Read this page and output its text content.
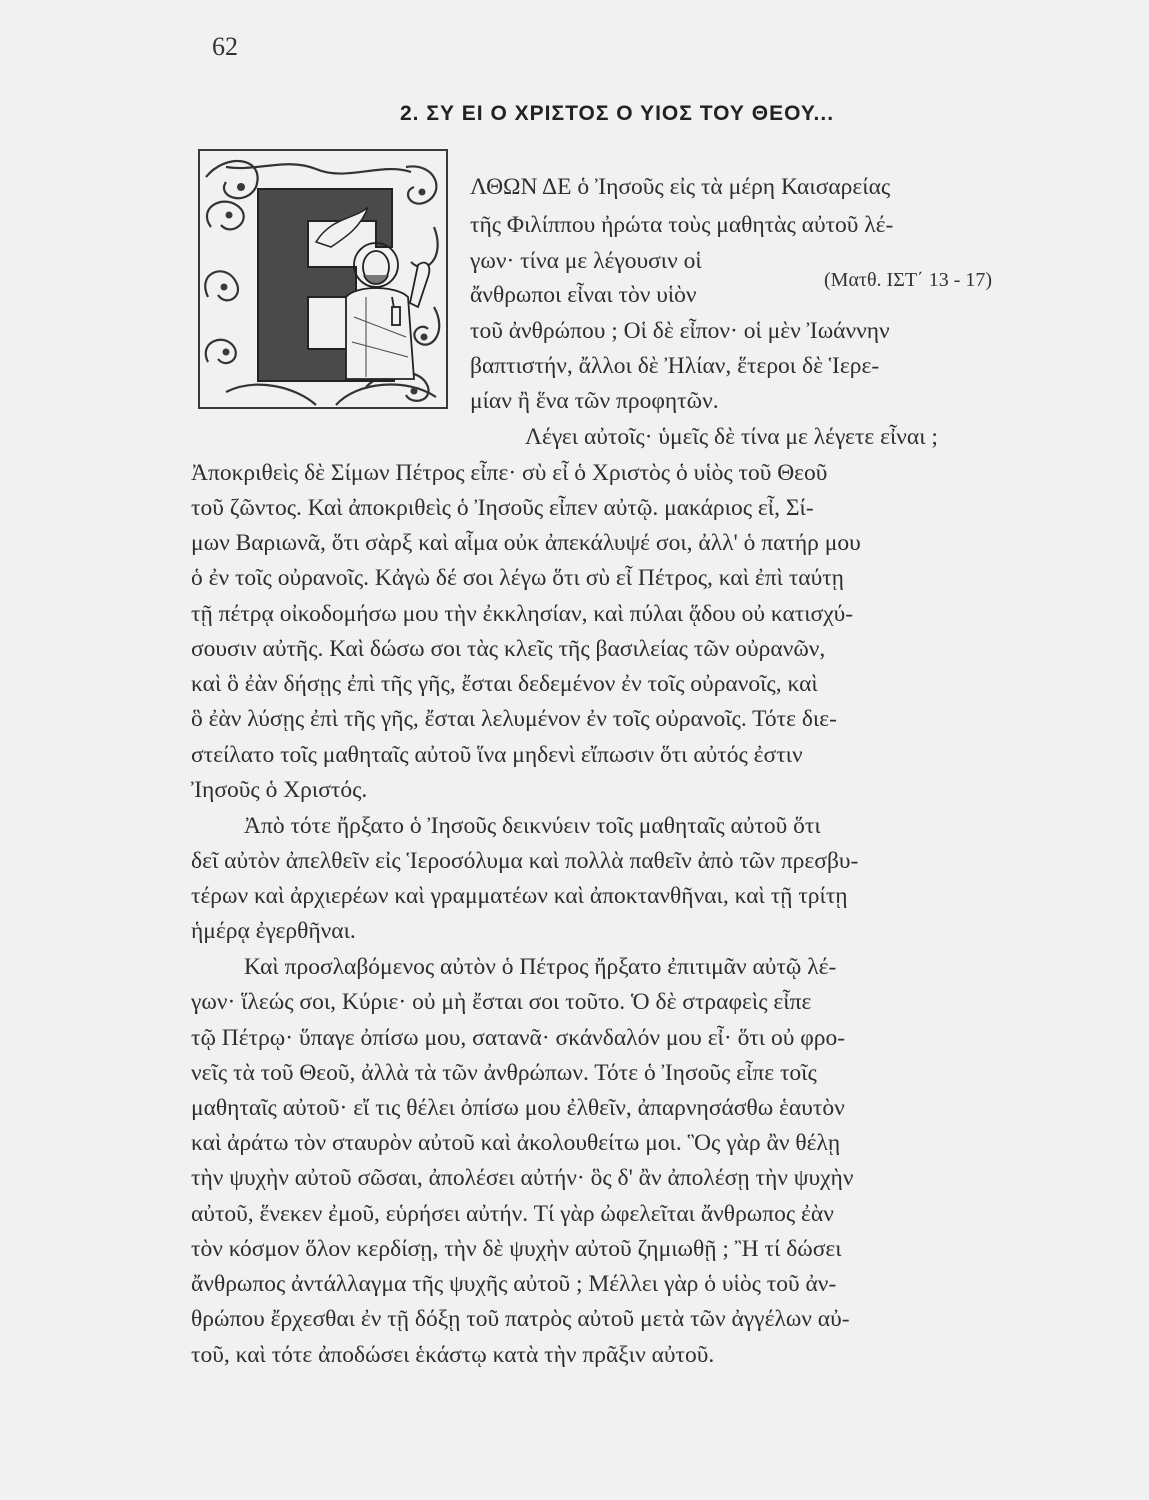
62
2. ΣΥ ΕΙ Ο ΧΡΙΣΤΟΣ Ο ΥΙΟΣ ΤΟΥ ΘΕΟΥ...
(Ματθ. ΙΣΤ΄ 13 - 17)
ΛΘΩΝ ΔΕ ὁ Ἰησοῦς εἰς τὰ μέρη Καισαρείας
τῆς Φιλίππου ἠρώτα τοὺς μαθητὰς αὐτοῦ λέ-
γων· τίνα με λέγουσιν οἱ
ἄνθρωποι εἶναι τὸν υἱὸν
τοῦ ἀνθρώπου ; Οἱ δὲ εἶπον· οἱ μὲν Ἰωάννην
βαπτιστήν, ἄλλοι δὲ Ἠλίαν, ἕτεροι δὲ Ἱερε-
μίαν ἢ ἕνα τῶν προφητῶν.
Λέγει αὐτοῖς· ὑμεῖς δὲ τίνα με λέγετε εἶναι ;
Ἀποκριθεὶς δὲ Σίμων Πέτρος εἶπε· σὺ εἶ ὁ Χριστὸς ὁ υἱὸς τοῦ Θεοῦ
τοῦ ζῶντος. Καὶ ἀποκριθεὶς ὁ Ἰησοῦς εἶπεν αὐτῷ. μακάριος εἶ, Σί-
μων Βαριωνᾶ, ὅτι σὰρξ καὶ αἷμα οὐκ ἀπεκάλυψέ σοι, ἀλλ' ὁ πατήρ μου
ὁ ἐν τοῖς οὐρανοῖς. Κἀγὼ δέ σοι λέγω ὅτι σὺ εἶ Πέτρος, καὶ ἐπὶ ταύτῃ
τῇ πέτρᾳ οἰκοδομήσω μου τὴν ἐκκλησίαν, καὶ πύλαι ᾅδου οὐ κατισχύ-
σουσιν αὐτῆς. Καὶ δώσω σοι τὰς κλεῖς τῆς βασιλείας τῶν οὐρανῶν,
καὶ ὃ ἐὰν δήσῃς ἐπὶ τῆς γῆς, ἔσται δεδεμένον ἐν τοῖς οὐρανοῖς, καὶ
ὃ ἐὰν λύσῃς ἐπὶ τῆς γῆς, ἔσται λελυμένον ἐν τοῖς οὐρανοῖς. Τότε διε-
στείλατο τοῖς μαθηταῖς αὐτοῦ ἵνα μηδενὶ εἴπωσιν ὅτι αὐτός ἐστιν
Ἰησοῦς ὁ Χριστός.
Ἀπὸ τότε ἤρξατο ὁ Ἰησοῦς δεικνύειν τοῖς μαθηταῖς αὐτοῦ ὅτι
δεῖ αὐτὸν ἀπελθεῖν εἰς Ἱεροσόλυμα καὶ πολλὰ παθεῖν ἀπὸ τῶν πρεσβυ-
τέρων καὶ ἀρχιερέων καὶ γραμματέων καὶ ἀποκτανθῆναι, καὶ τῇ τρίτῃ
ἡμέρᾳ ἐγερθῆναι.
Καὶ προσλαβόμενος αὐτὸν ὁ Πέτρος ἤρξατο ἐπιτιμᾶν αὐτῷ λέ-
γων· ἵλεώς σοι, Κύριε· οὐ μὴ ἔσται σοι τοῦτο. Ὁ δὲ στραφεὶς εἶπε
τῷ Πέτρῳ· ὕπαγε ὀπίσω μου, σατανᾶ· σκάνδαλόν μου εἶ· ὅτι οὐ φρο-
νεῖς τὰ τοῦ Θεοῦ, ἀλλὰ τὰ τῶν ἀνθρώπων. Τότε ὁ Ἰησοῦς εἶπε τοῖς
μαθηταῖς αὐτοῦ· εἴ τις θέλει ὀπίσω μου ἐλθεῖν, ἀπαρνησάσθω ἑαυτὸν
καὶ ἀράτω τὸν σταυρὸν αὐτοῦ καὶ ἀκολουθείτω μοι. Ὃς γὰρ ἂν θέλῃ
τὴν ψυχὴν αὐτοῦ σῶσαι, ἀπολέσει αὐτήν· ὃς δ' ἂν ἀπολέσῃ τὴν ψυχὴν
αὐτοῦ, ἕνεκεν ἐμοῦ, εὑρήσει αὐτήν. Τί γὰρ ὠφελεῖται ἄνθρωπος ἐὰν
τὸν κόσμον ὅλον κερδίσῃ, τὴν δὲ ψυχὴν αὐτοῦ ζημιωθῇ ; Ἢ τί δώσει
ἄνθρωπος ἀντάλλαγμα τῆς ψυχῆς αὐτοῦ ; Μέλλει γὰρ ὁ υἱὸς τοῦ ἀν-
θρώπου ἔρχεσθαι ἐν τῇ δόξῃ τοῦ πατρὸς αὐτοῦ μετὰ τῶν ἀγγέλων αὐ-
τοῦ, καὶ τότε ἀποδώσει ἑκάστῳ κατὰ τὴν πρᾶξιν αὐτοῦ.
